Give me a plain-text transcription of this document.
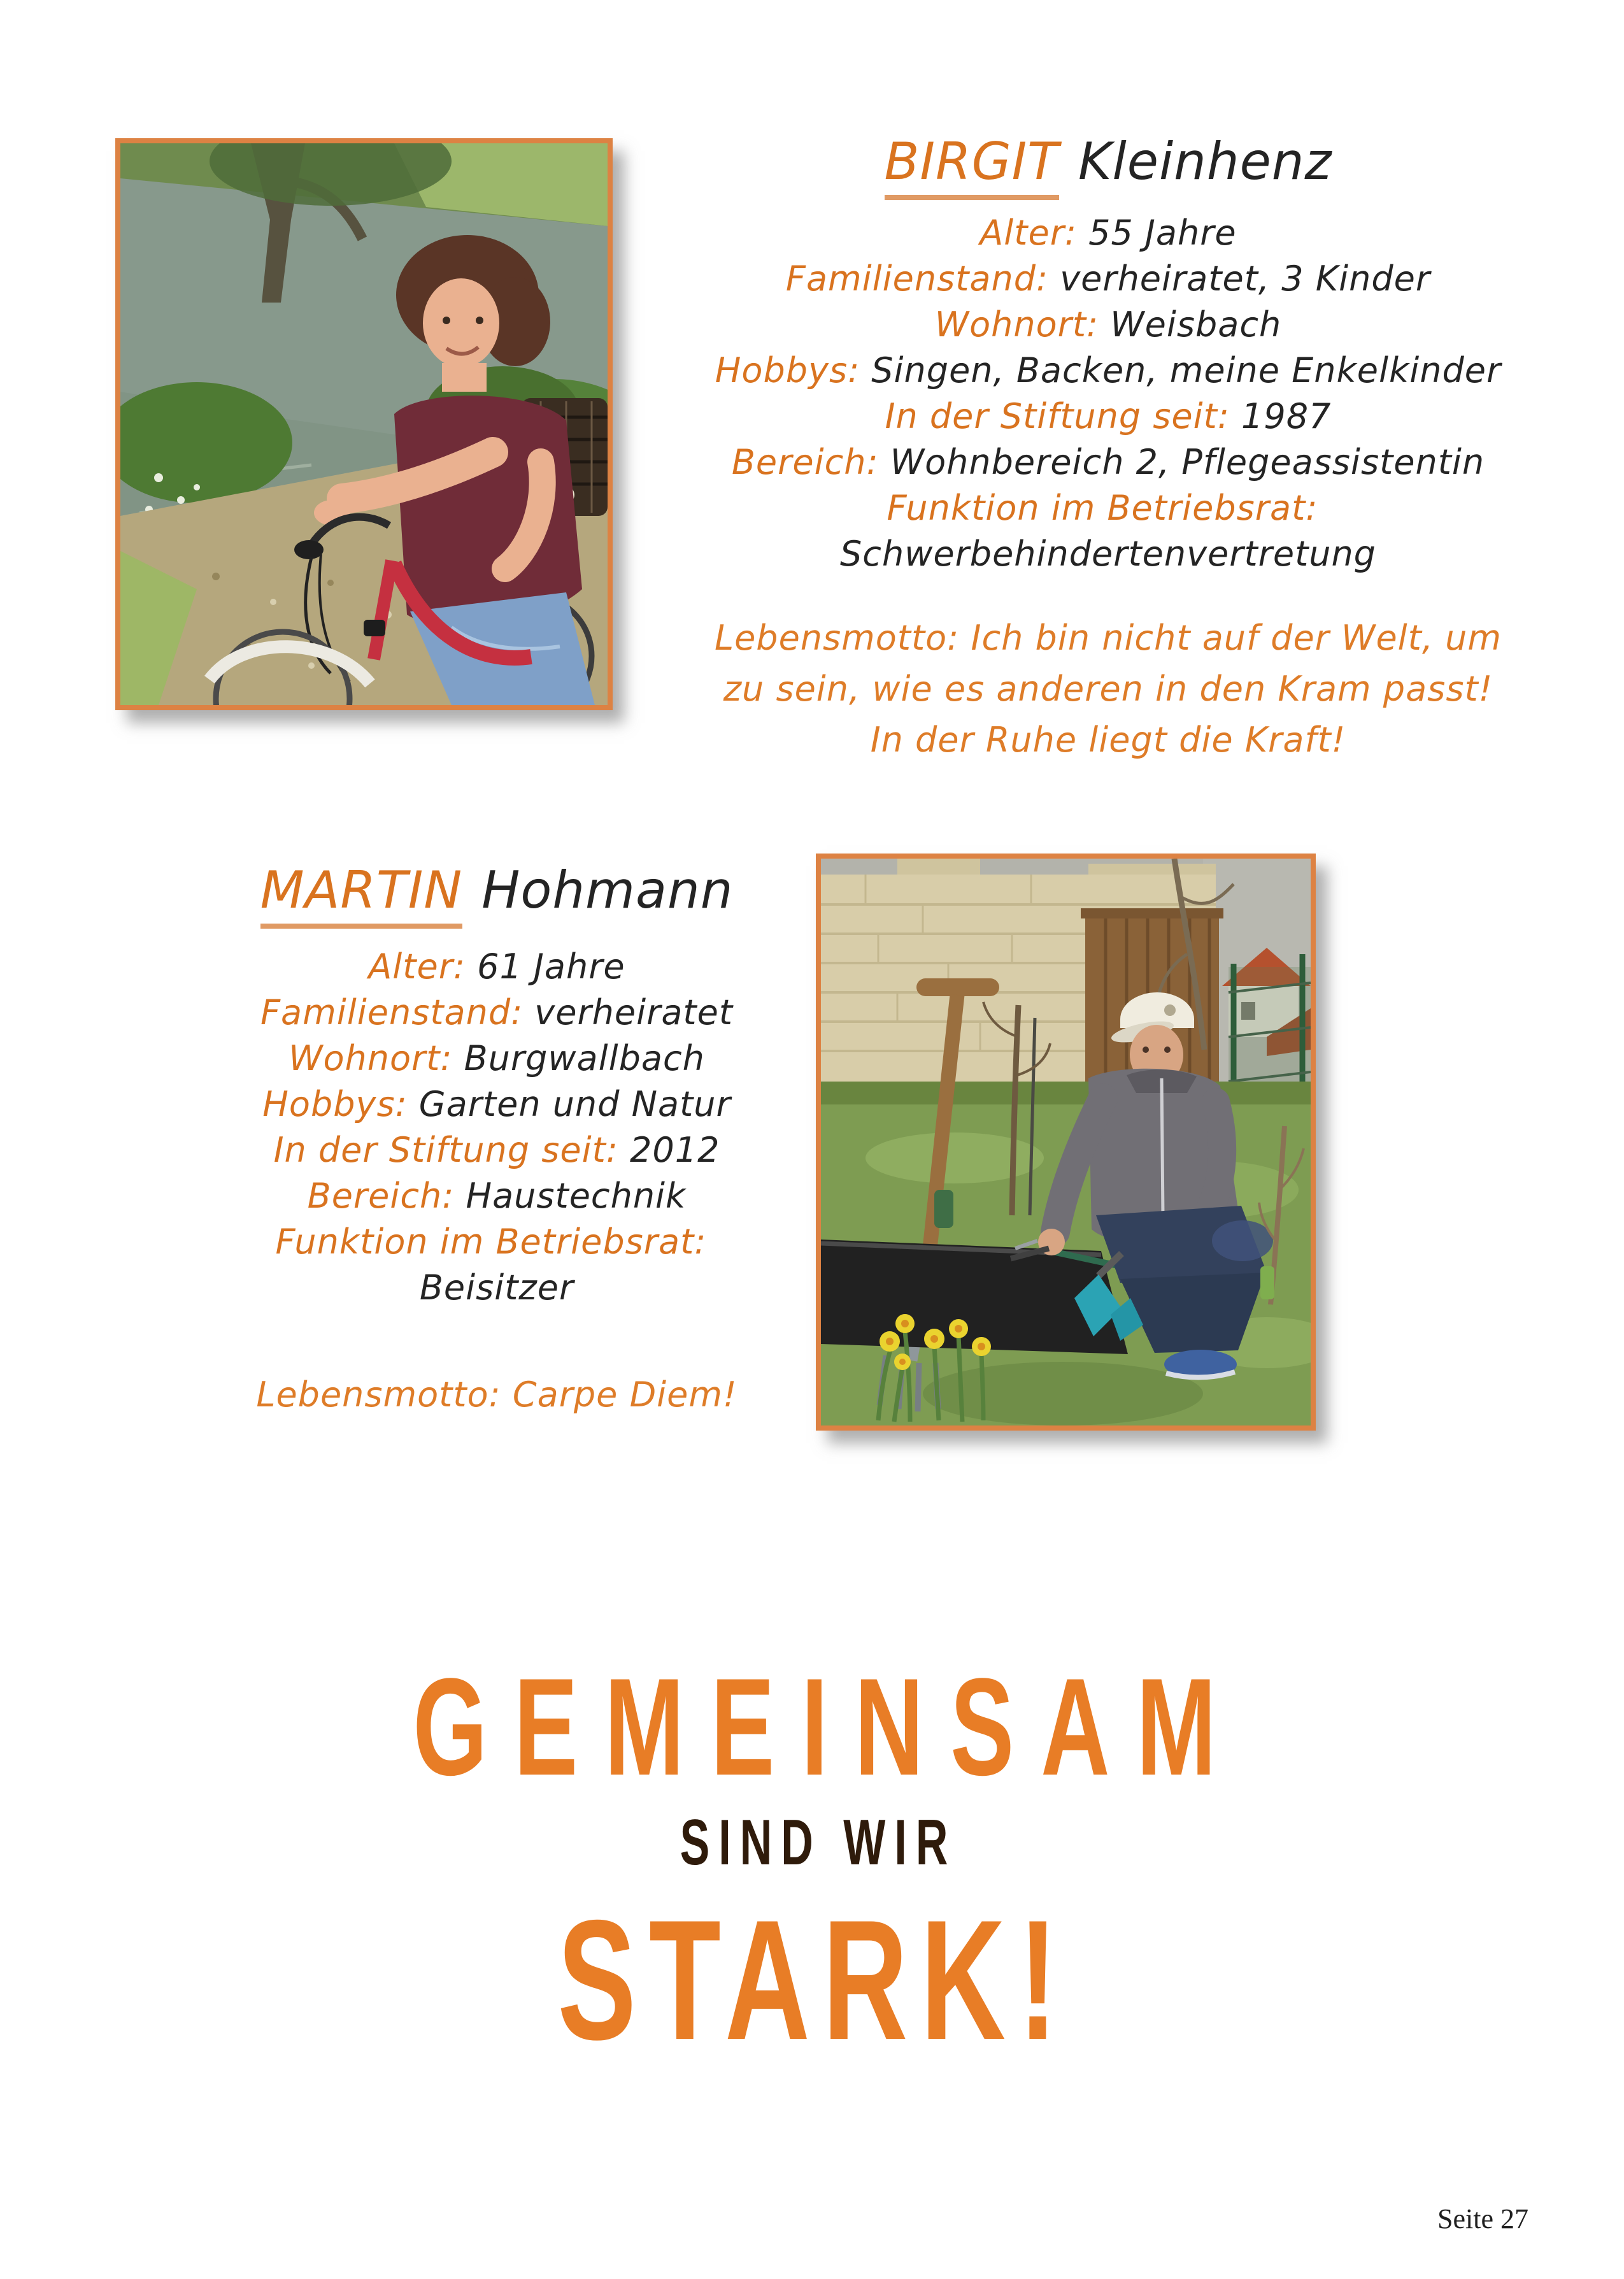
BIRGIT Kleinhenz
Alter: 55 Jahre
Familienstand: verheiratet, 3 Kinder
Wohnort: Weisbach
Hobbys: Singen, Backen, meine Enkelkinder
In der Stiftung seit: 1987
Bereich: Wohnbereich 2, Pflegeassistentin
Funktion im Betriebsrat:
Schwerbehindertenvertretung
Lebensmotto: Ich bin nicht auf der Welt, um
zu sein, wie es anderen in den Kram passt!
In der Ruhe liegt die Kraft!
MARTIN Hohmann
Alter: 61 Jahre
Familienstand: verheiratet
Wohnort: Burgwallbach
Hobbys: Garten und Natur
In der Stiftung seit: 2012
Bereich: Haustechnik
Funktion im Betriebsrat:
Beisitzer
Lebensmotto: Carpe Diem!
GEMEINSAM
SIND WIR
STARK!
Seite 27
